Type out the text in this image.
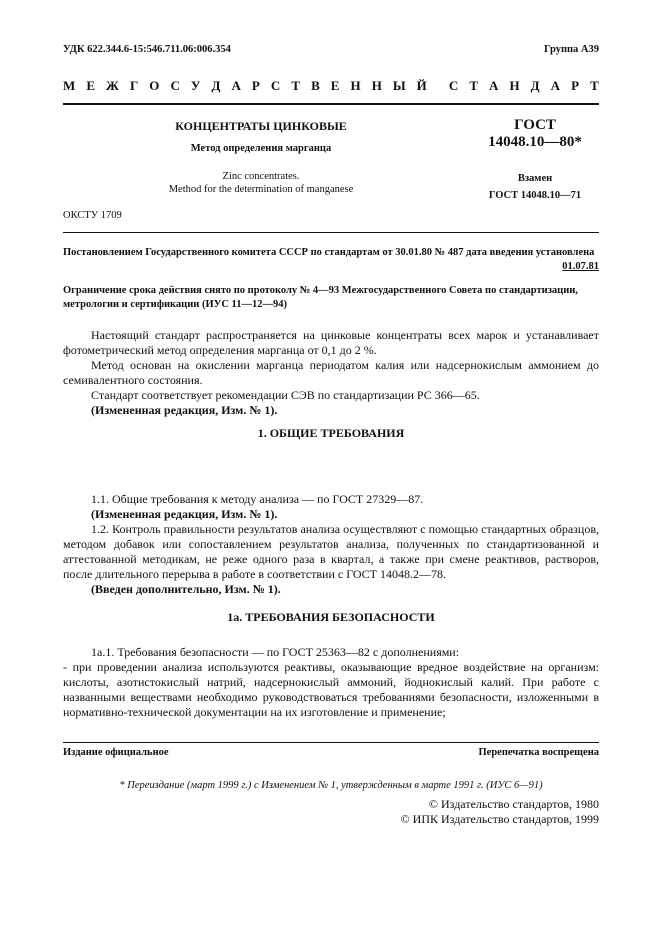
УДК 622.344.6-15:546.711.06:006.354	Группа А39
М Е Ж Г О С У Д А Р С Т В Е Н Н Ы Й С Т А Н Д А Р Т
КОНЦЕНТРАТЫ ЦИНКОВЫЕ
Метод определения марганца
Zinc concentrates.
Method for the determination of manganese
ГОСТ
14048.10—80*
Взамен
ГОСТ 14048.10—71
ОКСТУ 1709
Постановлением Государственного комитета СССР по стандартам от 30.01.80 № 487 дата введения установлена
01.07.81
Ограничение срока действия снято по протоколу № 4—93 Межгосударственного Совета по стандартизации, метрологии и сертификации (ИУС 11—12—94)

Настоящий стандарт распространяется на цинковые концентраты всех марок и устанавливает фотометрический метод определения марганца от 0,1 до 2 %.

Метод основан на окислении марганца периодатом калия или надсернокислым аммонием до семивалентного состояния.

Стандарт соответствует рекомендации СЭВ по стандартизации РС 366—65.

(Измененная редакция, Изм. № 1).

1. ОБЩИЕ ТРЕБОВАНИЯ

1.1. Общие требования к методу анализа — по ГОСТ 27329—87.

(Измененная редакция, Изм. № 1).

1.2. Контроль правильности результатов анализа осуществляют с помощью стандартных образцов, методом добавок или сопоставлением результатов анализа, полученных по стандартизованной и аттестованной методикам, не реже одного раза в квартал, а также при смене реактивов, растворов, после длительного перерыва в работе в соответствии с ГОСТ 14048.2—78.

(Введен дополнительно, Изм. № 1).

1а. ТРЕБОВАНИЯ БЕЗОПАСНОСТИ

1а.1. Требования безопасности — по ГОСТ 25363—82 с дополнениями:

- при проведении анализа используются реактивы, оказывающие вредное воздействие на организм: кислоты, азотистокислый натрий, надсернокислый аммоний, йоднокислый калий. При работе с названными веществами необходимо руководствоваться требованиями безопасности, изложенными в нормативно-технической документации на их изготовление и применение;

Издание официальное	Перепечатка воспрещена
* Переиздание (март 1999 г.) с Изменением № 1, утвержденным в марте 1991 г. (ИУС 6—91)
© Издательство стандартов, 1980
© ИПК Издательство стандартов, 1999
